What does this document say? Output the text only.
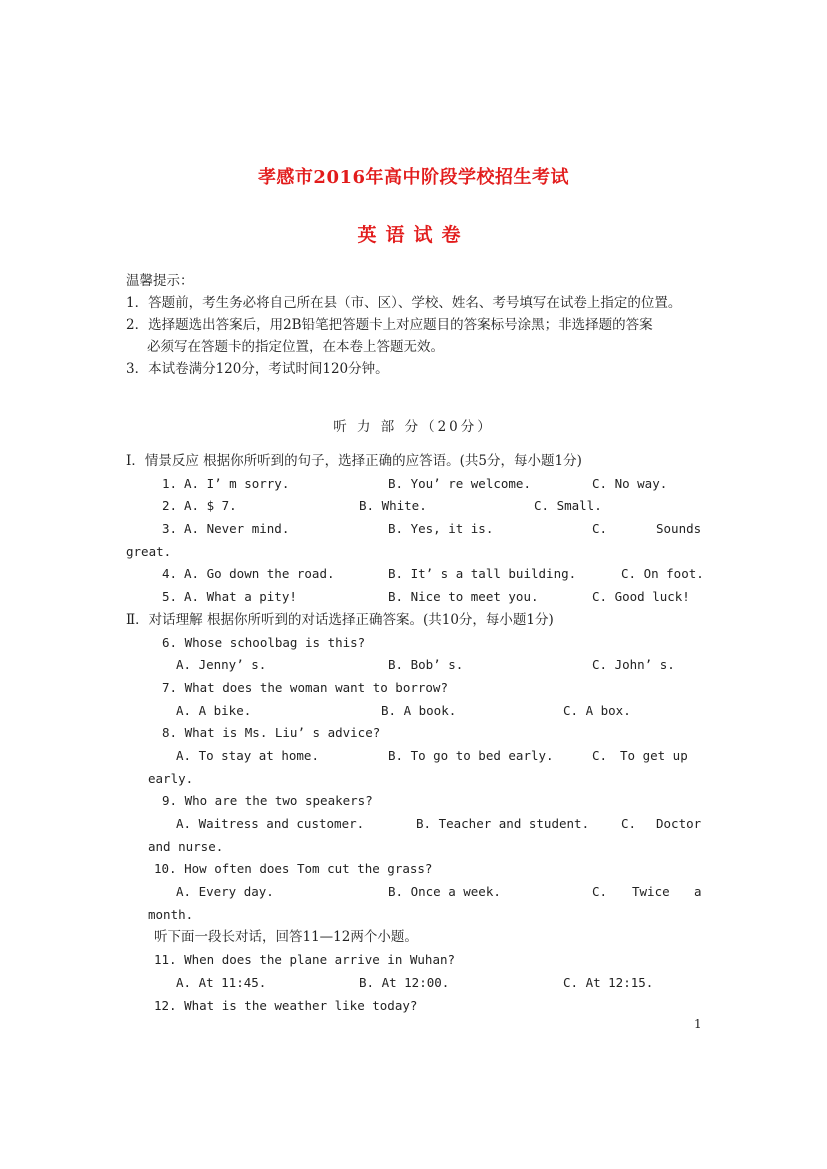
孝感市2016年高中阶段学校招生考试
英语试卷
温馨提示：
1．答题前，考生务必将自己所在县（市、区）、学校、姓名、考号填写在试卷上指定的位置。
2．选择题选出答案后，用2B铅笔把答题卡上对应题目的答案标号涂黑；非选择题的答案
必须写在答题卡的指定位置，在本卷上答题无效。
3．本试卷满分120分，考试时间120分钟。
听 力 部 分（20分）
Ⅰ．情景反应 根据你所听到的句子，选择正确的应答语。(共5分，每小题1分)
1. A. I’ m sorry.	B. You’ re welcome.	C. No way.
2. A. $ 7.	B. White.	C. Small.
3. A. Never mind.	B. Yes, it is.	C.	Sounds
great.
4. A. Go down the road.	B. It’ s a tall building.	C. On foot.
5. A. What a pity!	B. Nice to meet you.	C. Good luck!
Ⅱ．对话理解 根据你所听到的对话选择正确答案。(共10分，每小题1分)
6. Whose schoolbag is this?
A. Jenny’ s.	B. Bob’ s.	C. John’ s.
7. What does the woman want to borrow?
A. A bike.	B. A book.	C. A box.
8. What is Ms. Liu’ s advice?
A. To stay at home.	B. To go to bed early.	C. To get up
early.
9. Who are the two speakers?
A. Waitress and customer.	B. Teacher and student.	C. Doctor
and nurse.
10. How often does Tom cut the grass?
A. Every day.	B. Once a week.	C. Twice a
month.
听下面一段长对话，回答11—12两个小题。
11. When does the plane arrive in Wuhan?
A. At 11:45.	B. At 12:00.	C. At 12:15.
12. What is the weather like today?
1
